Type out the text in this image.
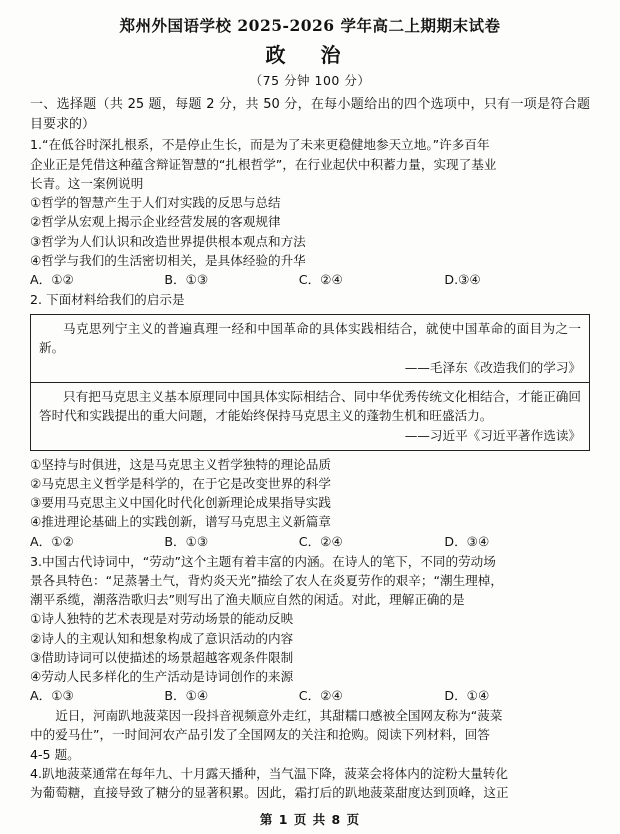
郑州外国语学校 2025-2026 学年高二上期期末试卷
政 治
（75 分钟 100 分）
一、选择题（共 25 题，每题 2 分，共 50 分，在每小题给出的四个选项中，只有一项是符合题目要求的）
1.“在低谷时深扎根系，不是停止生长，而是为了未来更稳健地参天立地。”许多百年
企业正是凭借这种蕴含辩证智慧的“扎根哲学”，在行业起伏中积蓄力量，实现了基业
长青。这一案例说明
①哲学的智慧产生于人们对实践的反思与总结
②哲学从宏观上揭示企业经营发展的客观规律
③哲学为人们认识和改造世界提供根本观点和方法
④哲学与我们的生活密切相关，是具体经验的升华
A．①②	B．①③	C．②④	D.③④
2. 下面材料给我们的启示是
马克思列宁主义的普遍真理一经和中国革命的具体实践相结合，就使中国革命的面目为之一新。
——毛泽东《改造我们的学习》
只有把马克思主义基本原理同中国具体实际相结合、同中华优秀传统文化相结合，才能正确回答时代和实践提出的重大问题，才能始终保持马克思主义的蓬勃生机和旺盛活力。
——习近平《习近平著作选读》
①坚持与时俱进，这是马克思主义哲学独特的理论品质
②马克思主义哲学是科学的，在于它是改变世界的科学
③要用马克思主义中国化时代化创新理论成果指导实践
④推进理论基础上的实践创新，谱写马克思主义新篇章
A．①②	B．①③	C．②④	D．③④
3.中国古代诗词中，“劳动”这个主题有着丰富的内涵。在诗人的笔下，不同的劳动场
景各具特色：“足蒸暑土气，背灼炎天光”描绘了农人在炎夏劳作的艰辛；“潮生理棹，
潮平系缆，潮落浩歌归去”则写出了渔夫顺应自然的闲适。对此，理解正确的是
①诗人独特的艺术表现是对劳动场景的能动反映
②诗人的主观认知和想象构成了意识活动的内容
③借助诗词可以使描述的场景超越客观条件限制
④劳动人民多样化的生产活动是诗词创作的来源
A．①③	B．①④	C．②④	D．①④
　　近日，河南趴地菠菜因一段抖音视频意外走红，其甜糯口感被全国网友称为“菠菜
中的爱马仕”，一时间河农产品引发了全国网友的关注和抢购。阅读下列材料，回答
4-5 题。
4.趴地菠菜通常在每年九、十月露天播种，当气温下降，菠菜会将体内的淀粉大量转化
为葡萄糖，直接导致了糖分的显著积累。因此，霜打后的趴地菠菜甜度达到顶峰，这正
第 1 页 共 8 页
